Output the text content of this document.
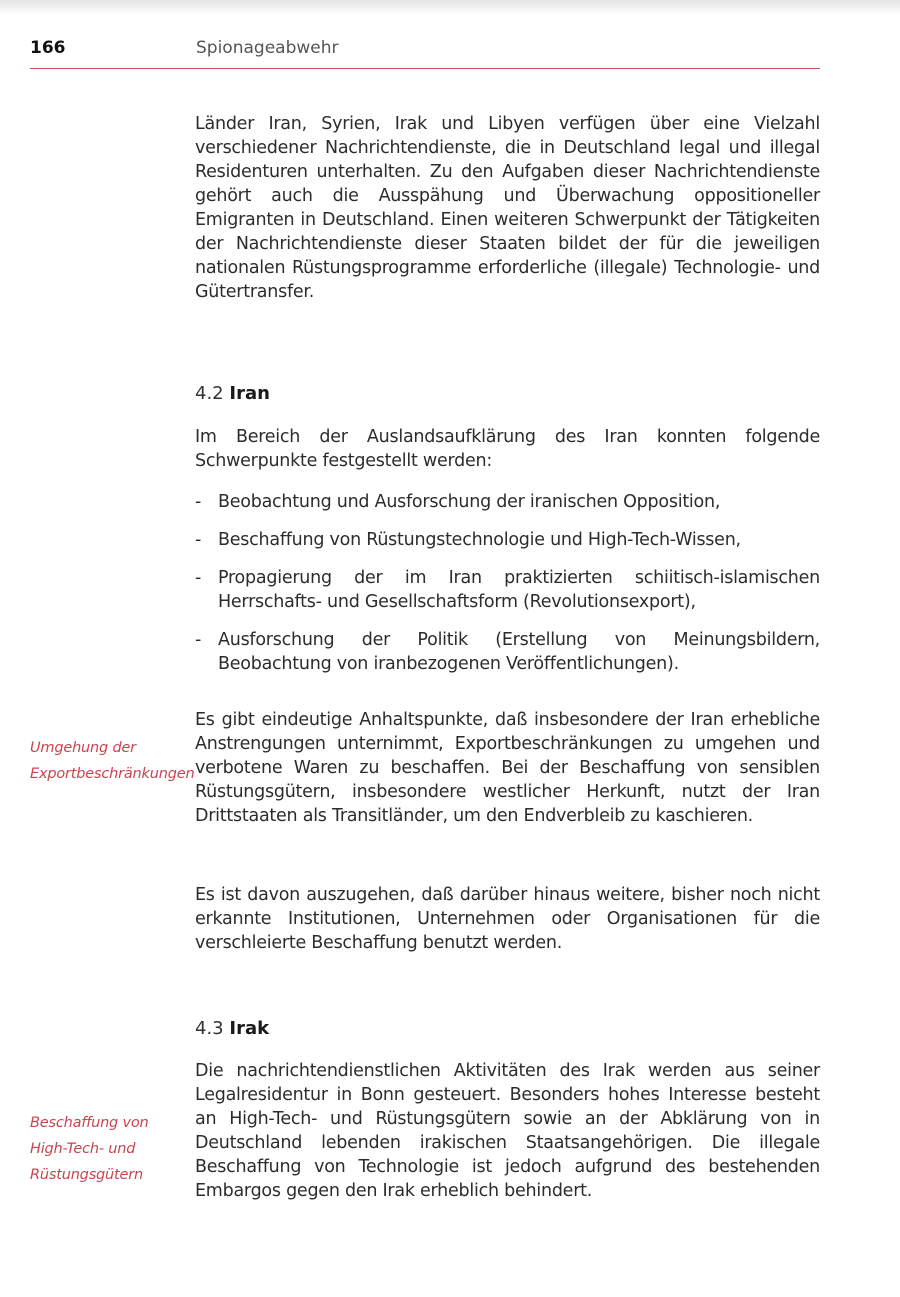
166	Spionageabwehr

Länder Iran, Syrien, Irak und Libyen verfügen über eine Vielzahl verschiedener Nachrichtendienste, die in Deutschland legal und illegal Residenturen unterhalten. Zu den Aufgaben dieser Nachrichtendienste gehört auch die Ausspähung und Überwachung oppositioneller Emigranten in Deutschland. Einen weiteren Schwerpunkt der Tätigkeiten der Nachrichtendienste dieser Staaten bildet der für die jeweiligen nationalen Rüstungsprogramme erforderliche (illegale) Technologie- und Gütertransfer.

4.2 Iran

Im Bereich der Auslandsaufklärung des Iran konnten folgende Schwerpunkte festgestellt werden:

- Beobachtung und Ausforschung der iranischen Opposition,
- Beschaffung von Rüstungstechnologie und High-Tech-Wissen,
- Propagierung der im Iran praktizierten schiitisch-islamischen Herrschafts- und Gesellschaftsform (Revolutionsexport),
- Ausforschung der Politik (Erstellung von Meinungsbildern, Beobachtung von iranbezogenen Veröffentlichungen).
Umgehung der Exportbeschränkungen

Es gibt eindeutige Anhaltspunkte, daß insbesondere der Iran erhebliche Anstrengungen unternimmt, Exportbeschränkungen zu umgehen und verbotene Waren zu beschaffen. Bei der Beschaffung von sensiblen Rüstungsgütern, insbesondere westlicher Herkunft, nutzt der Iran Drittstaaten als Transitländer, um den Endverbleib zu kaschieren.

Es ist davon auszugehen, daß darüber hinaus weitere, bisher noch nicht erkannte Institutionen, Unternehmen oder Organisationen für die verschleierte Beschaffung benutzt werden.

4.3 Irak
Beschaffung von High-Tech- und Rüstungsgütern

Die nachrichtendienstlichen Aktivitäten des Irak werden aus seiner Legalresidentur in Bonn gesteuert. Besonders hohes Interesse besteht an High-Tech- und Rüstungsgütern sowie an der Abklärung von in Deutschland lebenden irakischen Staatsangehörigen. Die illegale Beschaffung von Technologie ist jedoch aufgrund des bestehenden Embargos gegen den Irak erheblich behindert.
